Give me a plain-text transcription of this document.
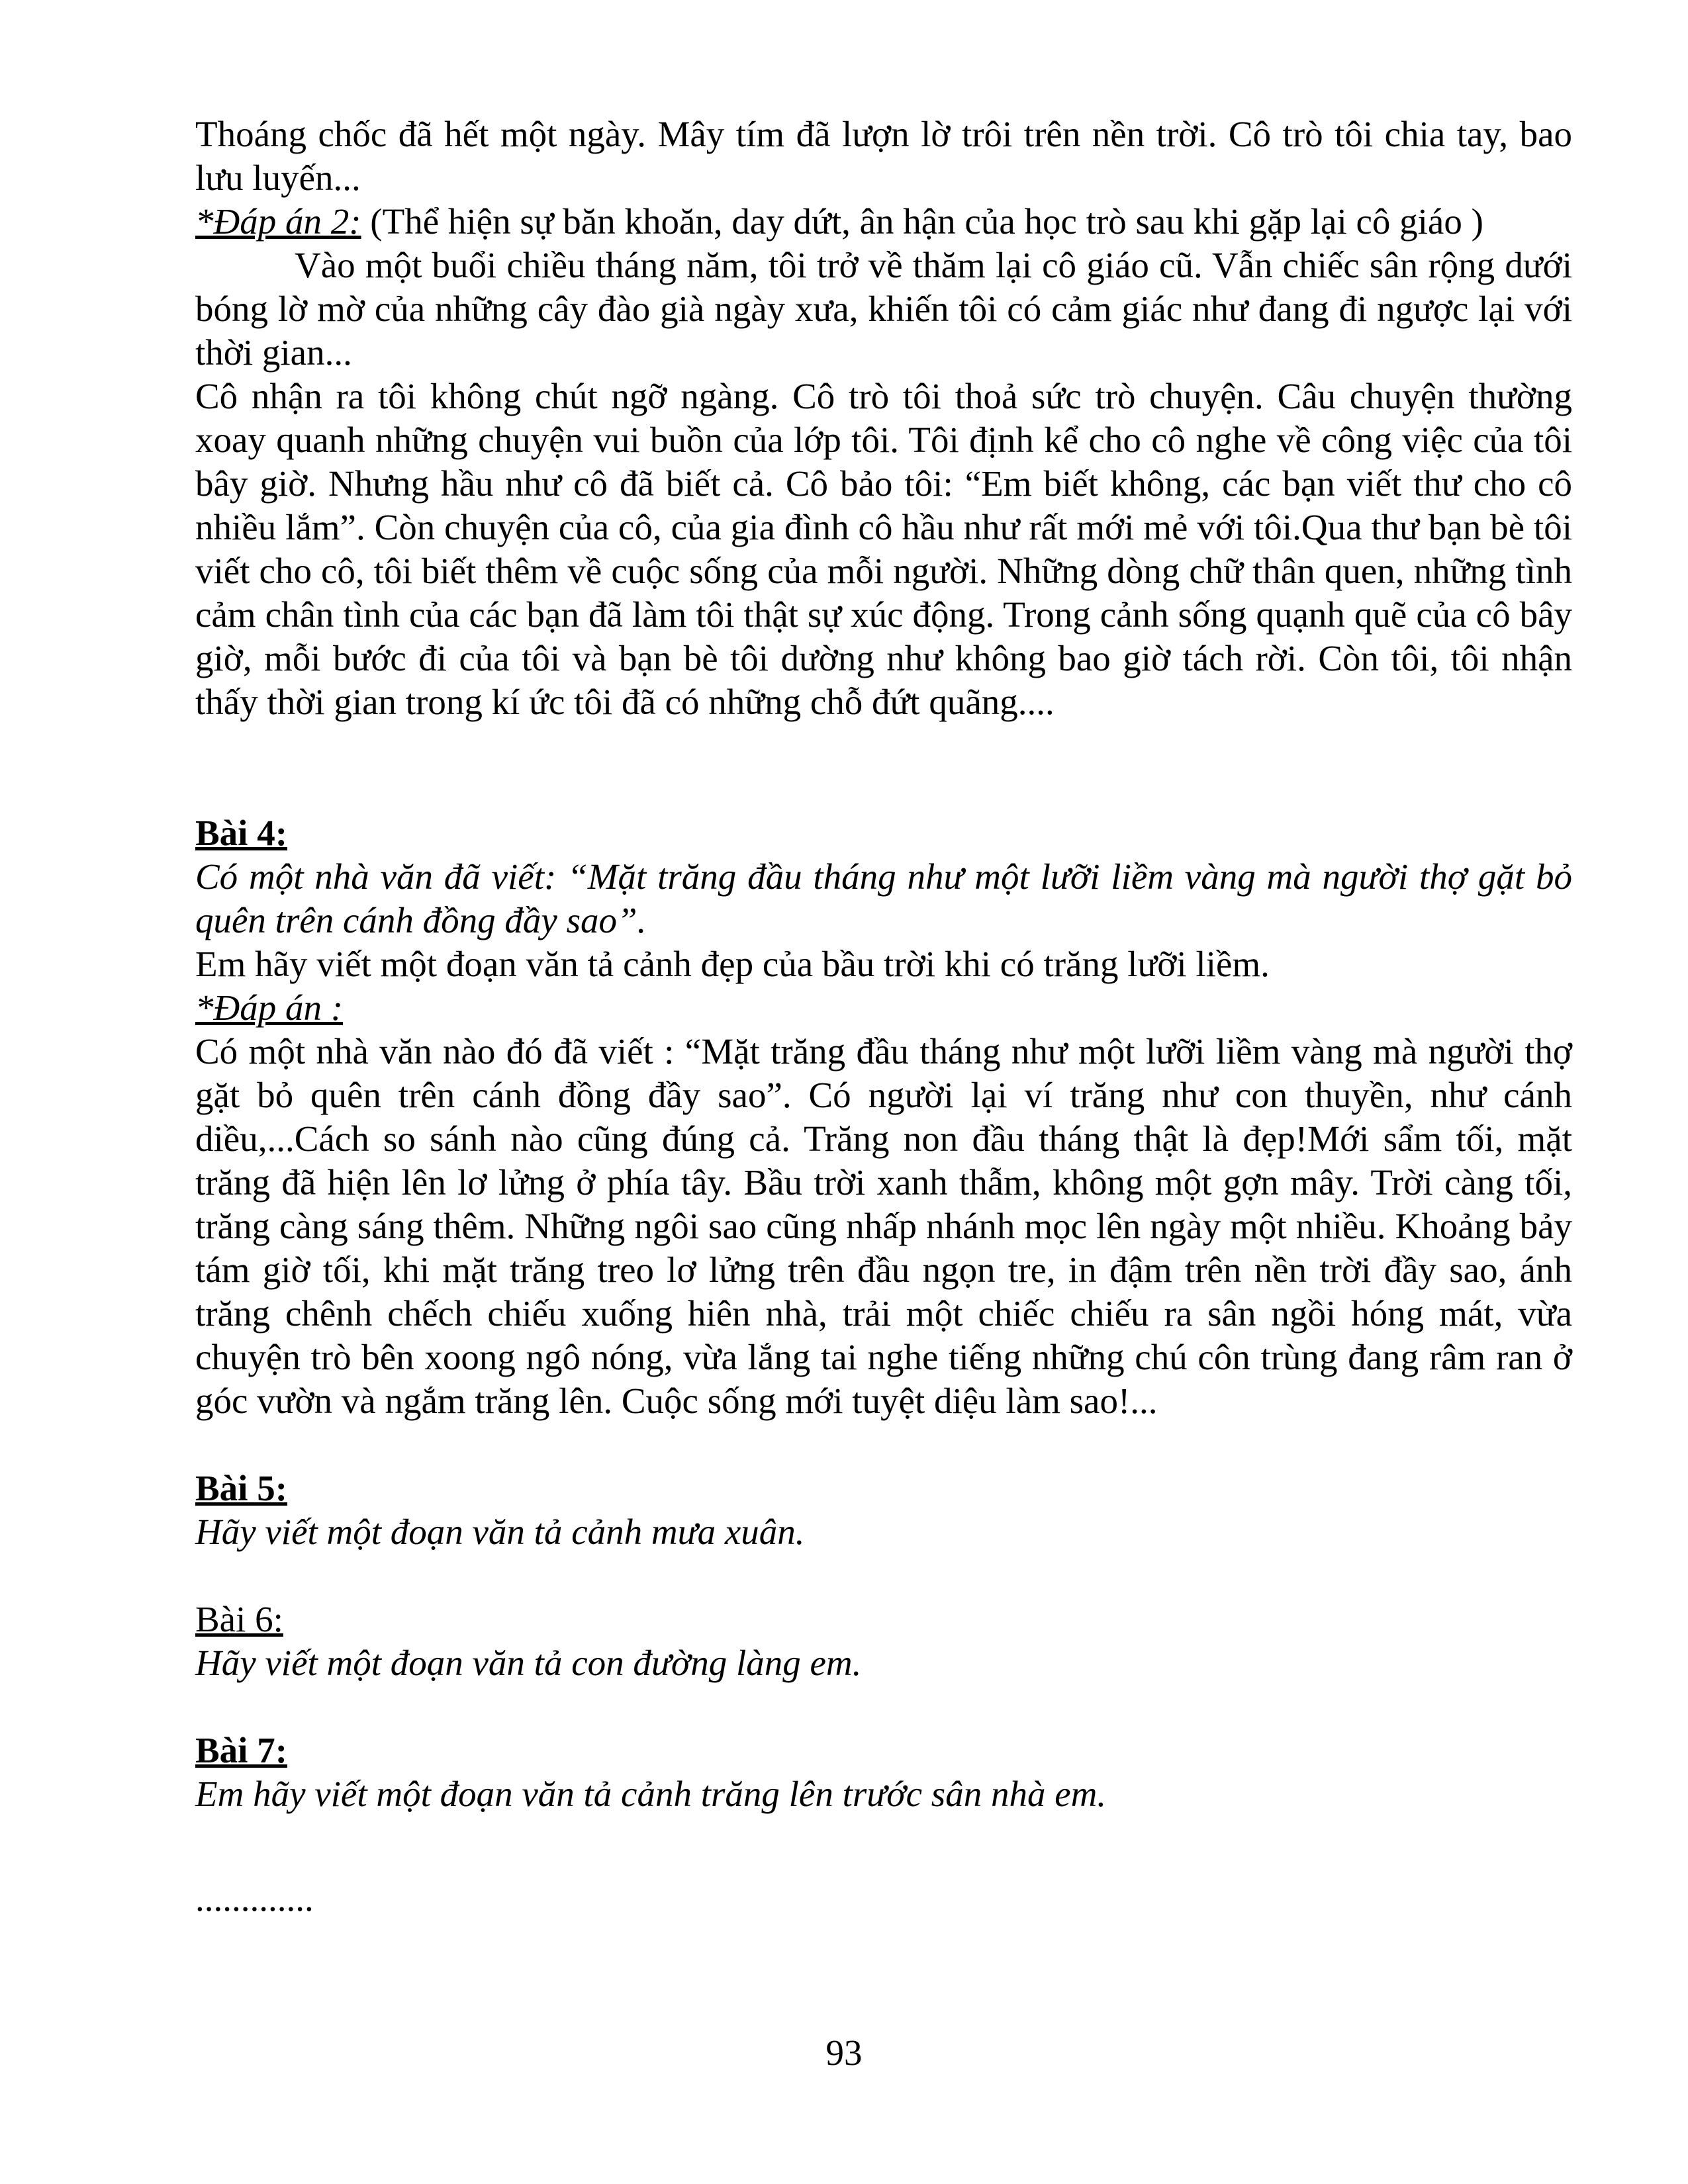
Thoáng chốc đã hết một ngày. Mây tím đã lượn lờ trôi trên nền trời. Cô trò tôi chia tay, bao lưu luyến...

*Đáp án 2: (Thể hiện sự băn khoăn, day dứt, ân hận của học trò sau khi gặp lại cô giáo )

Vào một buổi chiều tháng năm, tôi trở về thăm lại cô giáo cũ. Vẫn chiếc sân rộng dưới bóng lờ mờ của những cây đào già ngày xưa, khiến tôi có cảm giác như đang đi ngược lại với thời gian...

Cô nhận ra tôi không chút ngỡ ngàng. Cô trò tôi thoả sức trò chuyện. Câu chuyện thường xoay quanh những chuyện vui buồn của lớp tôi. Tôi định kể cho cô nghe về công việc của tôi bây giờ. Nhưng hầu như cô đã biết cả. Cô bảo tôi: “Em biết không, các bạn viết thư cho cô nhiều lắm”. Còn chuyện của cô, của gia đình cô hầu như rất mới mẻ với tôi.Qua thư bạn bè tôi viết cho cô, tôi biết thêm về cuộc sống của mỗi người. Những dòng chữ thân quen, những tình cảm chân tình của các bạn đã làm tôi thật sự xúc động. Trong cảnh sống quạnh quẽ của cô bây giờ, mỗi bước đi của tôi và bạn bè tôi dường như không bao giờ tách rời. Còn tôi, tôi nhận thấy thời gian trong kí ức tôi đã có những chỗ đứt quãng....

Bài 4:

Có một nhà văn đã viết: “Mặt trăng đầu tháng như một lưỡi liềm vàng mà người thợ gặt bỏ quên trên cánh đồng đầy sao”.

Em hãy viết một đoạn văn tả cảnh đẹp của bầu trời khi có trăng lưỡi liềm.

*Đáp án :

Có một nhà văn nào đó đã viết : “Mặt trăng đầu tháng như một lưỡi liềm vàng mà người thợ gặt bỏ quên trên cánh đồng đầy sao”. Có người lại ví trăng như con thuyền, như cánh diều,...Cách so sánh nào cũng đúng cả. Trăng non đầu tháng thật là đẹp!Mới sẩm tối, mặt trăng đã hiện lên lơ lửng ở phía tây. Bầu trời xanh thẫm, không một gợn mây. Trời càng tối, trăng càng sáng thêm. Những ngôi sao cũng nhấp nhánh mọc lên ngày một nhiều. Khoảng bảy tám giờ tối, khi mặt trăng treo lơ lửng trên đầu ngọn tre, in đậm trên nền trời đầy sao, ánh trăng chênh chếch chiếu xuống hiên nhà, trải một chiếc chiếu ra sân ngồi hóng mát, vừa chuyện trò bên xoong ngô nóng, vừa lắng tai nghe tiếng những chú côn trùng đang râm ran ở góc vườn và ngắm trăng lên. Cuộc sống mới tuyệt diệu làm sao!...

Bài 5:

Hãy viết một đoạn văn tả cảnh mưa xuân.

Bài 6:

Hãy viết một đoạn văn tả con đường làng em.

Bài 7:

Em hãy viết một đoạn văn tả cảnh trăng lên trước sân nhà em.

.............

93
